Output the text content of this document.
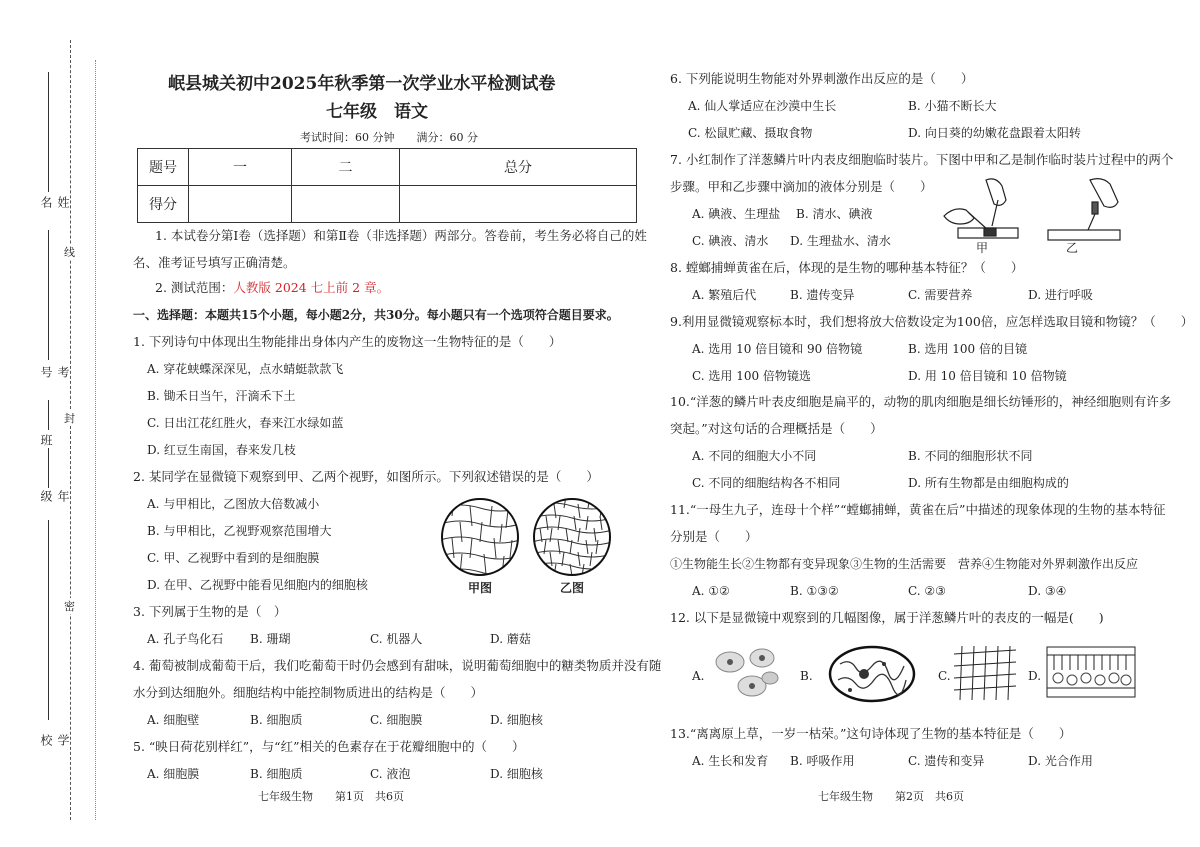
姓名
考号
班
年级
学校
线
封
密
岷县城关初中2025年秋季第一次学业水平检测试卷
七年级　语文
考试时间：60 分钟　　满分：60 分
题号	一	二	总分
得分			
1. 本试卷分第Ⅰ卷（选择题）和第Ⅱ卷（非选择题）两部分。答卷前，考生务必将自己的姓
名、准考证号填写正确清楚。
2. 测试范围：人教版 2024 七上前 2 章。
一、选择题：本题共15个小题，每小题2分，共30分。每小题只有一个选项符合题目要求。
1. 下列诗句中体现出生物能排出身体内产生的废物这一生物特征的是（　　）
A. 穿花蛱蝶深深见，点水蜻蜓款款飞
B. 锄禾日当午，汗滴禾下土
C. 日出江花红胜火，春来江水绿如蓝
D. 红豆生南国，春来发几枝
2. 某同学在显微镜下观察到甲、乙两个视野，如图所示。下列叙述错误的是（　　）
A. 与甲相比，乙图放大倍数减小
B. 与甲相比，乙视野观察范围增大
C. 甲、乙视野中看到的是细胞膜
D. 在甲、乙视野中能看见细胞内的细胞核	甲图	乙图
3. 下列属于生物的是（　）
A. 孔子鸟化石 B. 珊瑚	C. 机器人	D. 蘑菇
4. 葡萄被制成葡萄干后，我们吃葡萄干时仍会感到有甜味，说明葡萄细胞中的糖类物质并没有随
水分到达细胞外。细胞结构中能控制物质进出的结构是（　　）
A. 细胞壁	B. 细胞质	C. 细胞膜	D. 细胞核
5. “映日荷花别样红”，与“红”相关的色素存在于花瓣细胞中的（　　）
A. 细胞膜	B. 细胞质	C. 液泡	D. 细胞核
七年级生物　　第1页　共6页
6. 下列能说明生物能对外界刺激作出反应的是（　　）
A. 仙人掌适应在沙漠中生长	B. 小猫不断长大
C. 松鼠贮藏、摄取食物	D. 向日葵的幼嫩花盘跟着太阳转
7. 小红制作了洋葱鳞片叶内表皮细胞临时装片。下图中甲和乙是制作临时装片过程中的两个
步骤。甲和乙步骤中滴加的液体分别是（　　）
A. 碘液、生理盐 B. 清水、碘液
C. 碘液、清水 D. 生理盐水、清水	甲	乙
8. 螳螂捕蝉黄雀在后，体现的是生物的哪种基本特征？（　　）
A. 繁殖后代	B. 遗传变异	C. 需要营养	D. 进行呼吸
9.利用显微镜观察标本时，我们想将放大倍数设定为100倍，应怎样选取目镜和物镜？（　　）
A. 选用 10 倍目镜和 90 倍物镜	B. 选用 100 倍的目镜
C. 选用 100 倍物镜选	D. 用 10 倍目镜和 10 倍物镜
10.“洋葱的鳞片叶表皮细胞是扁平的，动物的肌肉细胞是细长纺锤形的，神经细胞则有许多
突起。”对这句话的合理概括是（　　）
A. 不同的细胞大小不同	B. 不同的细胞形状不同
C. 不同的细胞结构各不相同	D. 所有生物都是由细胞构成的
11.“一母生九子，连母十个样”“螳螂捕蝉，黄雀在后”中描述的现象体现的生物的基本特征
分别是（　　）
①生物能生长②生物都有变异现象③生物的生活需要　营养④生物能对外界刺激作出反应
A. ①②	B. ①③②	C. ②③	D. ③④
12. 以下是显微镜中观察到的几幅图像，属于洋葱鳞片叶的表皮的一幅是(　　)
A.	B.	C.	D.
13.“离离原上草，一岁一枯荣。”这句诗体现了生物的基本特征是（　　）
A. 生长和发育 B. 呼吸作用	C. 遗传和变异	D. 光合作用
七年级生物　　第2页　共6页
